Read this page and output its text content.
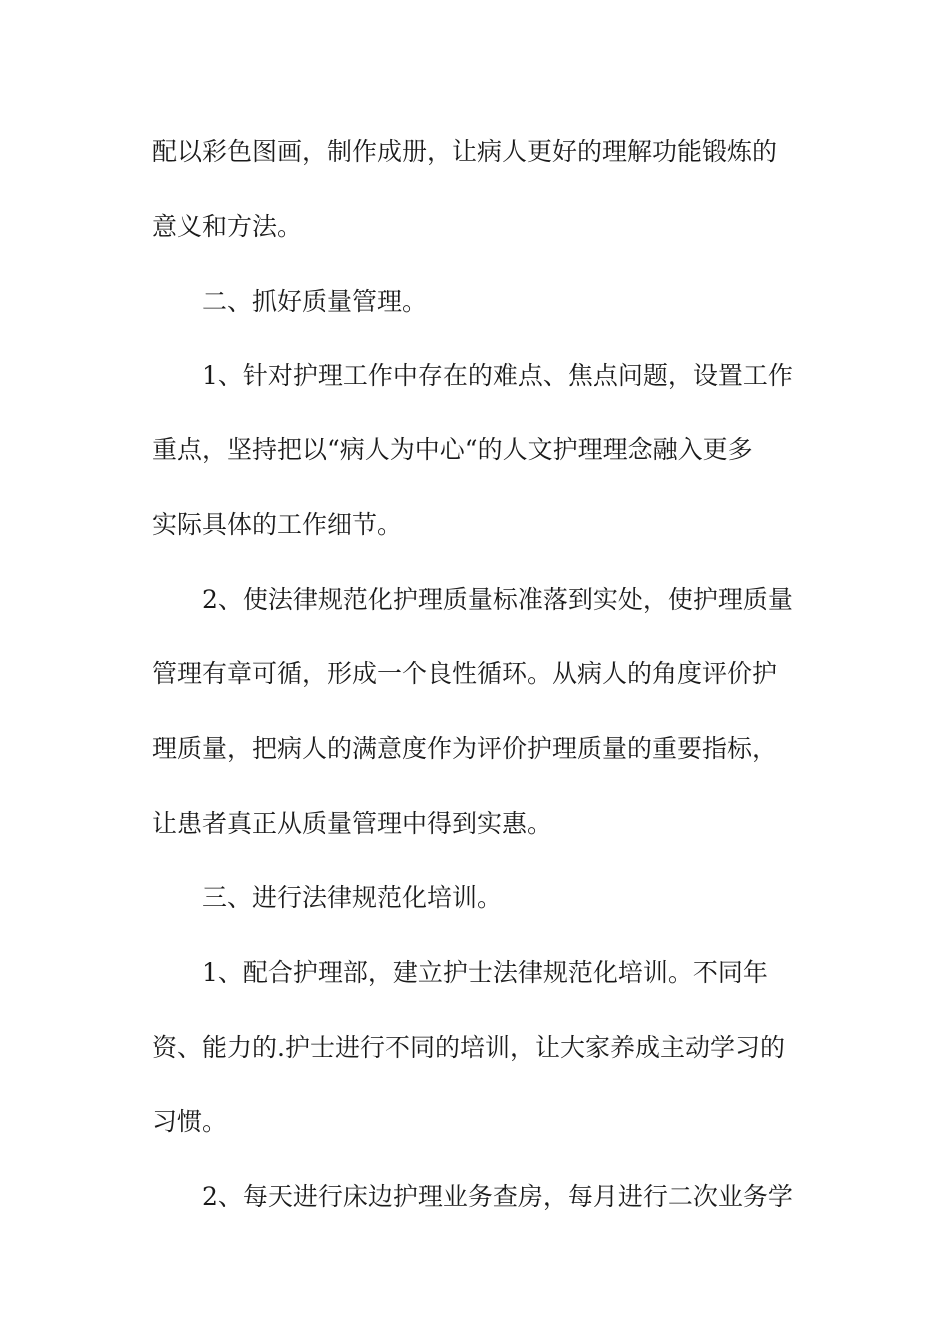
配以彩色图画，制作成册，让病人更好的理解功能锻炼的
意义和方法。
二、抓好质量管理。
1、针对护理工作中存在的难点、焦点问题，设置工作
重点，坚持把以“病人为中心“的人文护理理念融入更多
实际具体的工作细节。
2、使法律规范化护理质量标准落到实处，使护理质量
管理有章可循，形成一个良性循环。从病人的角度评价护
理质量，把病人的满意度作为评价护理质量的重要指标，
让患者真正从质量管理中得到实惠。
三、进行法律规范化培训。
1、配合护理部，建立护士法律规范化培训。不同年
资、能力的.护士进行不同的培训，让大家养成主动学习的
习惯。
2、每天进行床边护理业务查房，每月进行二次业务学
